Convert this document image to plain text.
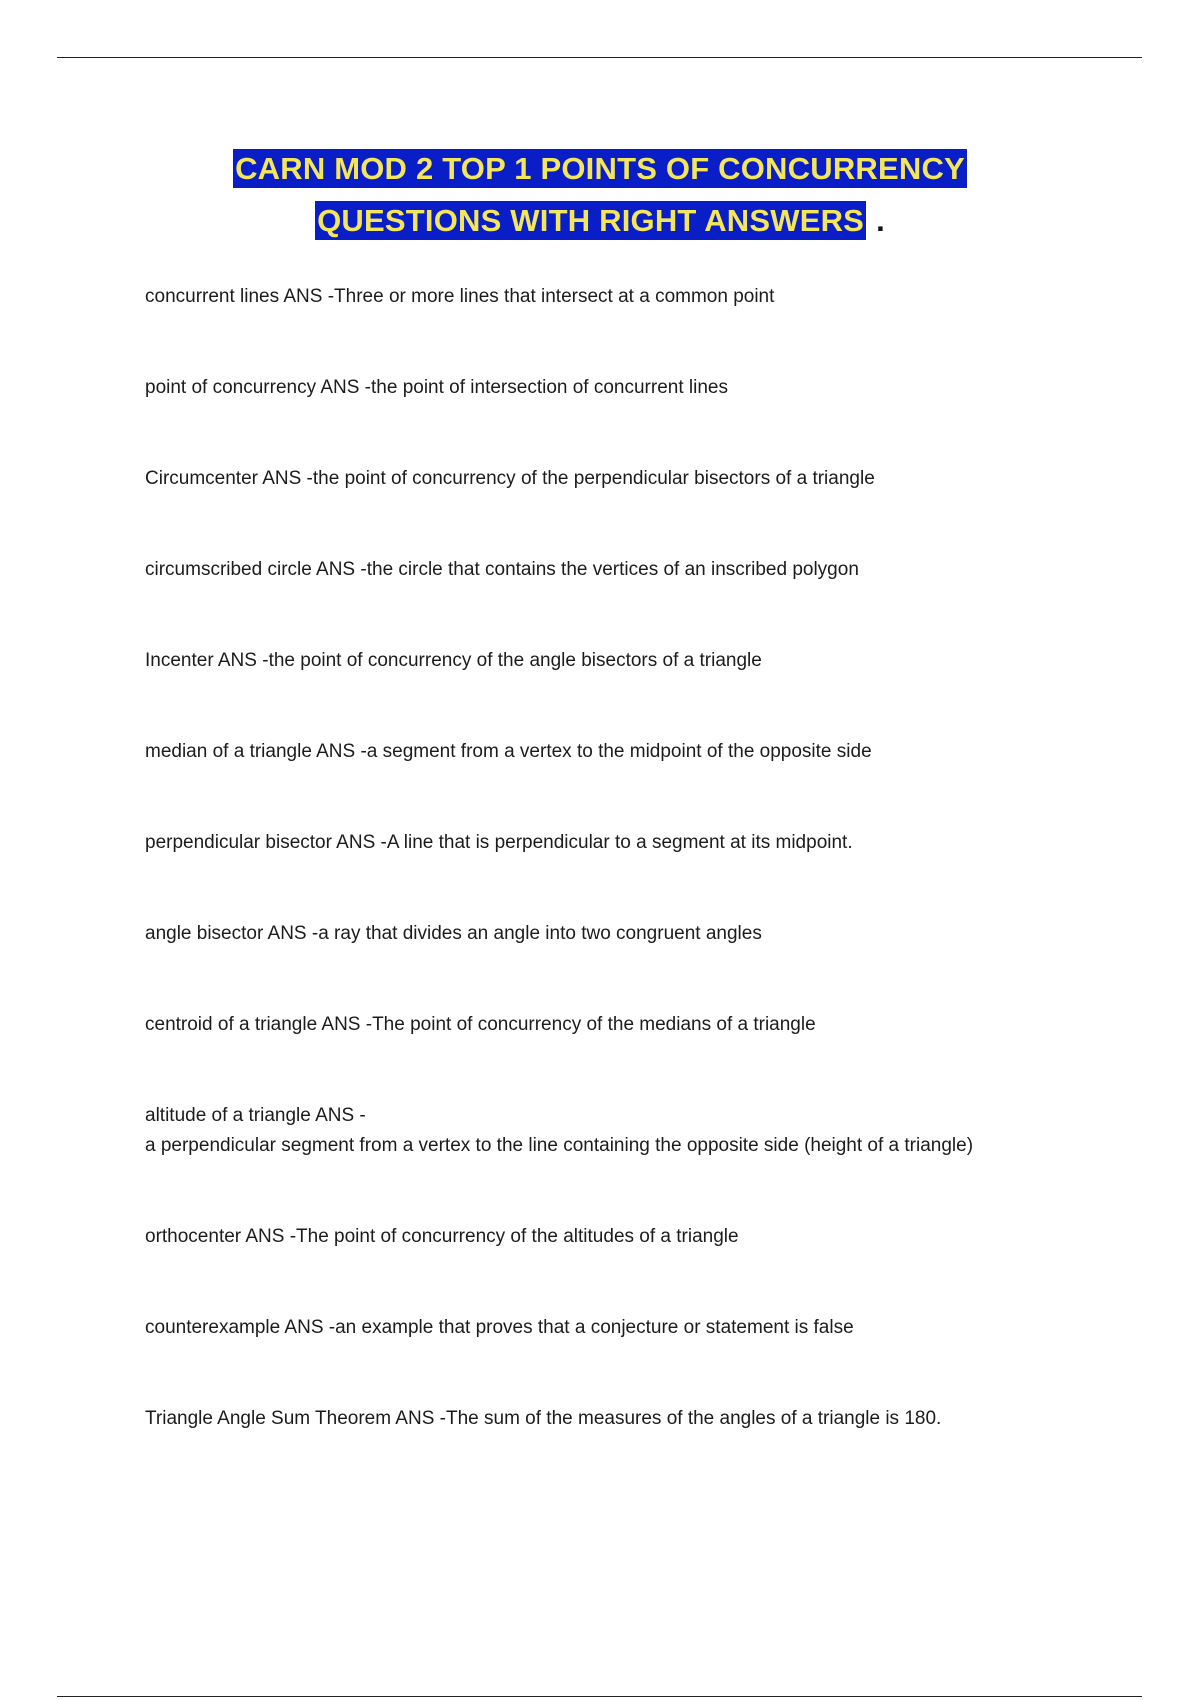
CARN MOD 2 TOP 1 POINTS OF CONCURRENCY
QUESTIONS WITH RIGHT ANSWERS .
concurrent lines ANS -Three or more lines that intersect at a common point
point of concurrency ANS -the point of intersection of concurrent lines
Circumcenter ANS -the point of concurrency of the perpendicular bisectors of a triangle
circumscribed circle ANS -the circle that contains the vertices of an inscribed polygon
Incenter ANS -the point of concurrency of the angle bisectors of a triangle
median of a triangle ANS -a segment from a vertex to the midpoint of the opposite side
perpendicular bisector ANS -A line that is perpendicular to a segment at its midpoint.
angle bisector ANS -a ray that divides an angle into two congruent angles
centroid of a triangle ANS -The point of concurrency of the medians of a triangle
altitude of a triangle ANS -
a perpendicular segment from a vertex to the line containing the opposite side (height of a triangle)
orthocenter ANS -The point of concurrency of the altitudes of a triangle
counterexample ANS -an example that proves that a conjecture or statement is false
Triangle Angle Sum Theorem ANS -The sum of the measures of the angles of a triangle is 180.
